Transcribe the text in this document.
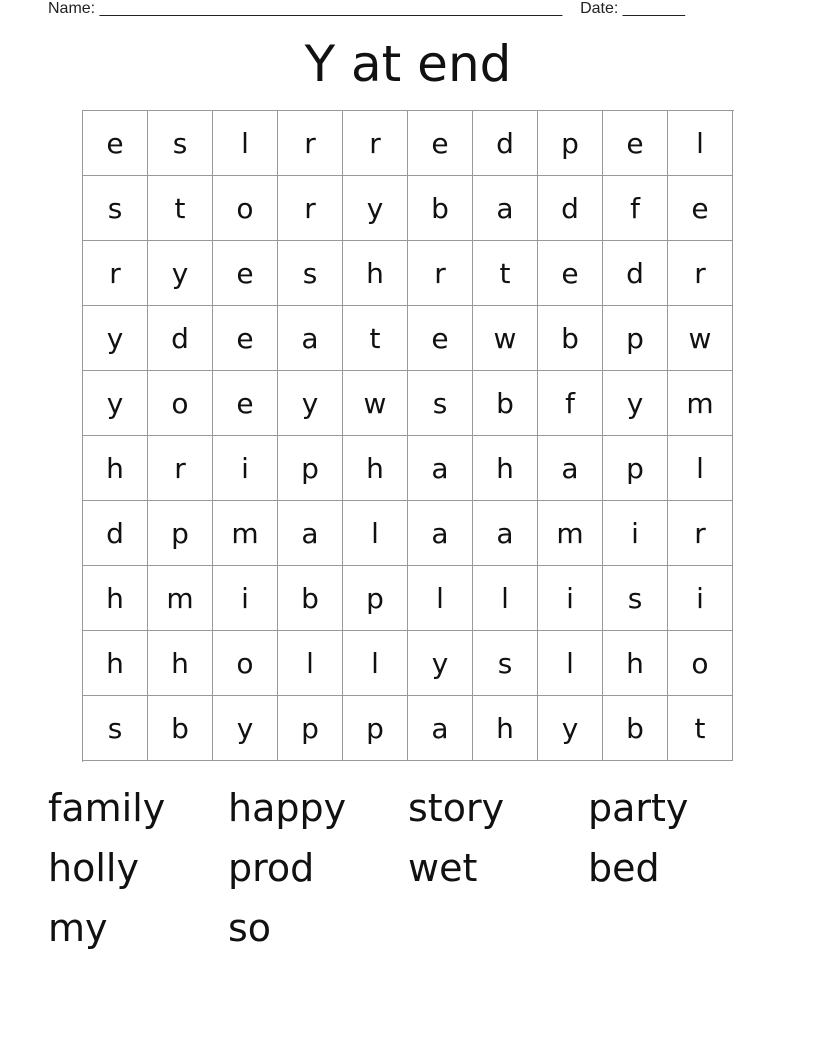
Name: ____________________________________________________    Date: _______
Y at end
e	s	l	r	r	e	d	p	e	l
s	t	o	r	y	b	a	d	f	e
r	y	e	s	h	r	t	e	d	r
y	d	e	a	t	e	w	b	p	w
y	o	e	y	w	s	b	f	y	m
h	r	i	p	h	a	h	a	p	l
d	p	m	a	l	a	a	m	i	r
h	m	i	b	p	l	l	i	s	i
h	h	o	l	l	y	s	l	h	o
s	b	y	p	p	a	h	y	b	t
family	happy	story	party
holly	prod	wet	bed
my	so
